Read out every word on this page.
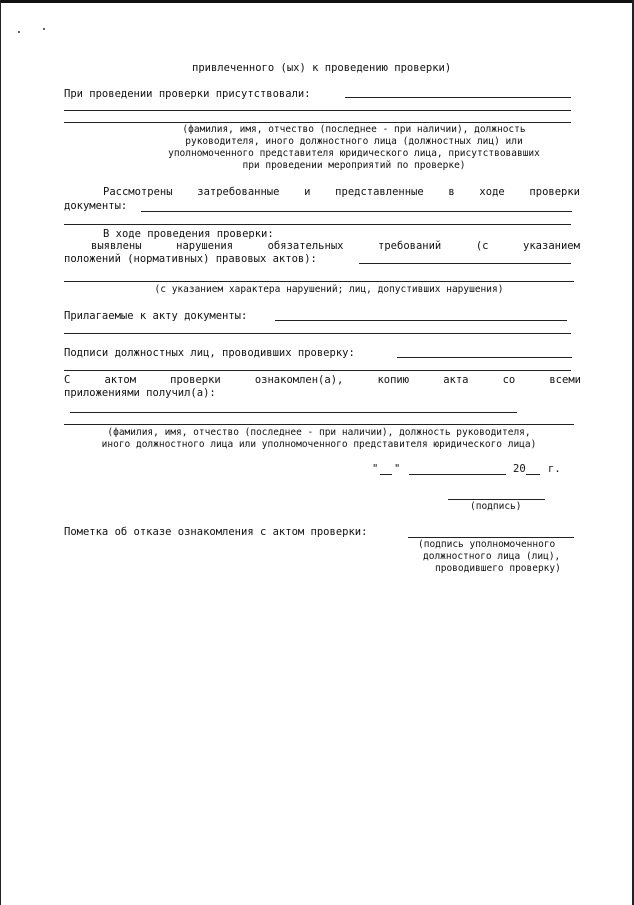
привлеченного (ых) к проведению проверки)
При проведении проверки присутствовали:
(фамилия, имя, отчество (последнее - при наличии), должность
руководителя, иного должностного лица (должностных лиц) или
уполномоченного представителя юридического лица, присутствовавших
при проведении мероприятий по проверке)
Рассмотрены затребованные и представленные в ходе проверки
документы:
В ходе проведения проверки:
выявлены	нарушения	обязательных	требований	(с	указанием
положений (нормативных) правовых актов):
(с указанием характера нарушений; лиц, допустивших нарушения)
Прилагаемые к акту документы:
Подписи должностных лиц, проводивших проверку:
С	актом	проверки	ознакомлен(а),	копию	акта	со	всеми
приложениями получил(а):
(фамилия, имя, отчество (последнее - при наличии), должность руководителя,
иного должностного лица или уполномоченного представителя юридического лица)
" "	20 г.
(подпись)
Пометка об отказе ознакомления с актом проверки:
(подпись уполномоченного
должностного лица (лиц),
проводившего проверку)
